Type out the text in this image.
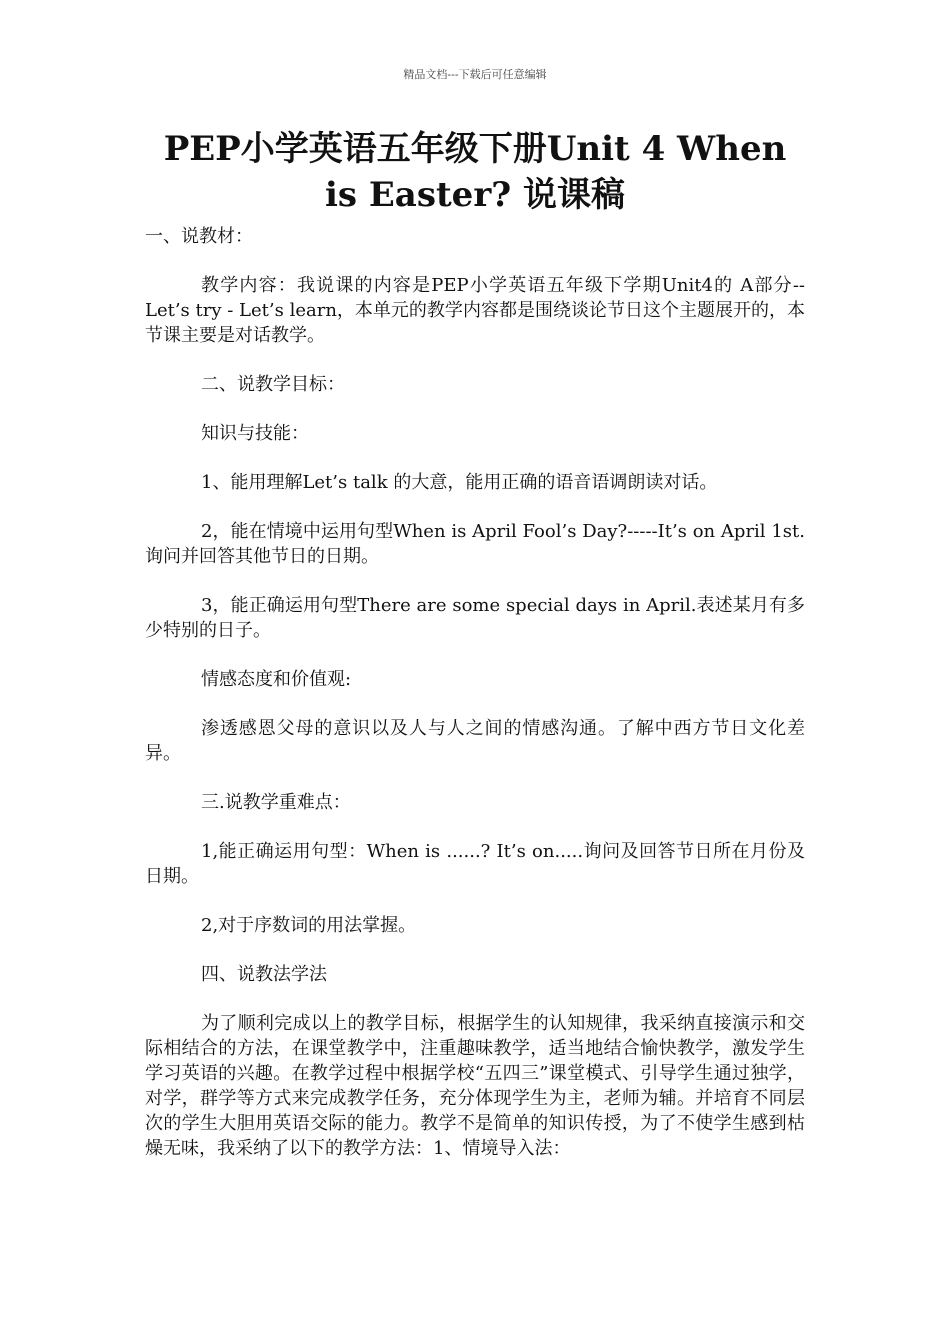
精品文档---下载后可任意编辑
PEP小学英语五年级下册Unit 4 When
is Easter? 说课稿

一、说教材：

教学内容：我说课的内容是PEP小学英语五年级下学期Unit4的 A部分-- Let’s try - Let’s learn，本单元的教学内容都是围绕谈论节日这个主题展开的，本节课主要是对话教学。

二、说教学目标：

知识与技能：

1、能用理解Let’s talk 的大意，能用正确的语音语调朗读对话。

2，能在情境中运用句型When is April Fool’s Day?-----It’s on April 1st.询问并回答其他节日的日期。

3，能正确运用句型There are some special days in April.表述某月有多少特别的日子。

情感态度和价值观:

渗透感恩父母的意识以及人与人之间的情感沟通。了解中西方节日文化差异。

三.说教学重难点：

1,能正确运用句型：When is ......? It’s on.....询问及回答节日所在月份及日期。

2,对于序数词的用法掌握。

四、说教法学法

为了顺利完成以上的教学目标，根据学生的认知规律，我采纳直接演示和交际相结合的方法，在课堂教学中，注重趣味教学，适当地结合愉快教学，激发学生学习英语的兴趣。在教学过程中根据学校“五四三”课堂模式、引导学生通过独学，对学，群学等方式来完成教学任务，充分体现学生为主，老师为辅。并培育不同层次的学生大胆用英语交际的能力。教学不是简单的知识传授，为了不使学生感到枯燥无味，我采纳了以下的教学方法：1、情境导入法：
